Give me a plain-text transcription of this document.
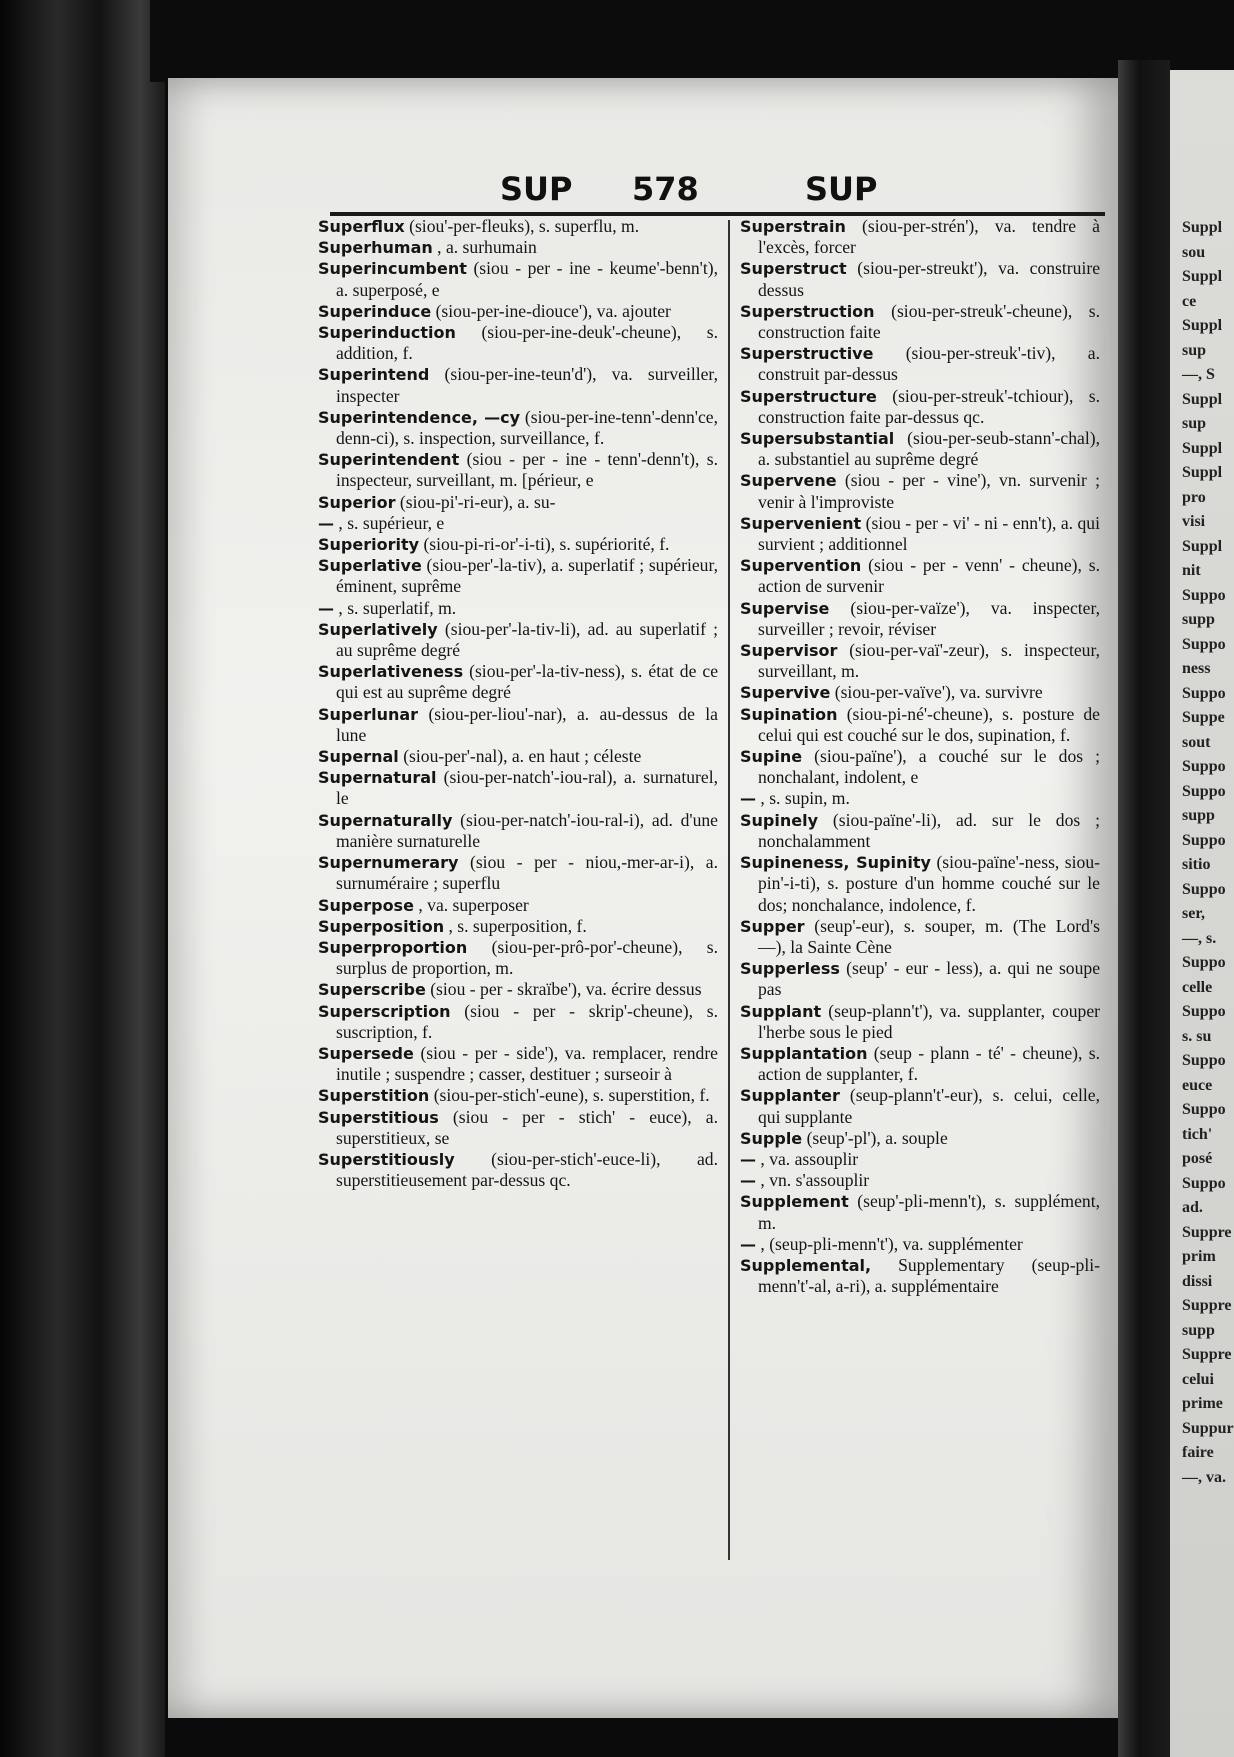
Suppl
sou
Suppl
ce
Suppl
sup
—, S
Suppl
sup
Suppl
Suppl
pro
visi
Suppl
nit
Suppo
supp
Suppo
ness
Suppo
Suppe
sout
Suppo
Suppo
supp
Suppo
sitio
Suppo
ser,
—, s.
Suppo
celle
Suppo
s. su
Suppo
euce
Suppo
tich'
posé
Suppo
ad.
Suppre
prim
dissi
Suppre
supp
Suppre
celui
prime
Suppur
faire
—, va.
SUP 578	SUP
Superflux (siou'-per-fleuks), s. superflu, m.
Superhuman , a. surhumain
Superincumbent (siou - per - ine - keume'-benn't), a. superposé, e
Superinduce (siou-per-ine-diouce'), va. ajouter
Superinduction (siou-per-ine-deuk'-cheune), s. addition, f.
Superintend (siou-per-ine-teun'd'), va. surveiller, inspecter
Superintendence, —cy (siou-per-ine-tenn'-denn'ce, denn-ci), s. inspection, surveillance, f.
Superintendent (siou - per - ine - tenn'-denn't), s. inspecteur, surveillant, m. [périeur, e
Superior (siou-pi'-ri-eur), a. su-
— , s. supérieur, e
Superiority (siou-pi-ri-or'-i-ti), s. supériorité, f.
Superlative (siou-per'-la-tiv), a. superlatif ; supérieur, éminent, suprême
— , s. superlatif, m.
Superlatively (siou-per'-la-tiv-li), ad. au superlatif ; au suprême degré
Superlativeness (siou-per'-la-tiv-ness), s. état de ce qui est au suprême degré
Superlunar (siou-per-liou'-nar), a. au-dessus de la lune
Supernal (siou-per'-nal), a. en haut ; céleste
Supernatural (siou-per-natch'-iou-ral), a. surnaturel, le
Supernaturally (siou-per-natch'-iou-ral-i), ad. d'une manière surnaturelle
Supernumerary (siou - per - niou,-mer-ar-i), a. surnuméraire ; superflu
Superpose , va. superposer
Superposition , s. superposition, f.
Superproportion (siou-per-prô-por'-cheune), s. surplus de proportion, m.
Superscribe (siou - per - skraïbe'), va. écrire dessus
Superscription (siou - per - skrip'-cheune), s. suscription, f.
Supersede (siou - per - side'), va. remplacer, rendre inutile ; suspendre ; casser, destituer ; surseoir à
Superstition (siou-per-stich'-eune), s. superstition, f.
Superstitious (siou - per - stich' - euce), a. superstitieux, se
Superstitiously (siou-per-stich'-euce-li), ad. superstitieusement par-dessus qc.
Superstrain (siou-per-strén'), va. tendre à l'excès, forcer
Superstruct (siou-per-streukt'), va. construire dessus
Superstruction (siou-per-streuk'-cheune), s. construction faite
Superstructive (siou-per-streuk'-tiv), a. construit par-dessus
Superstructure (siou-per-streuk'-tchiour), s. construction faite par-dessus qc.
Supersubstantial (siou-per-seub-stann'-chal), a. substantiel au suprême degré
Supervene (siou - per - vine'), vn. survenir ; venir à l'improviste
Supervenient (siou - per - vi' - ni - enn't), a. qui survient ; additionnel
Supervention (siou - per - venn' - cheune), s. action de survenir
Supervise (siou-per-vaïze'), va. inspecter, surveiller ; revoir, réviser
Supervisor (siou-per-vaï'-zeur), s. inspecteur, surveillant, m.
Supervive (siou-per-vaïve'), va. survivre
Supination (siou-pi-né'-cheune), s. posture de celui qui est couché sur le dos, supination, f.
Supine (siou-païne'), a couché sur le dos ; nonchalant, indolent, e
— , s. supin, m.
Supinely (siou-païne'-li), ad. sur le dos ; nonchalamment
Supineness, Supinity (siou-païne'-ness, siou-pin'-i-ti), s. posture d'un homme couché sur le dos; nonchalance, indolence, f.
Supper (seup'-eur), s. souper, m. (The Lord's —), la Sainte Cène
Supperless (seup' - eur - less), a. qui ne soupe pas
Supplant (seup-plann't'), va. supplanter, couper l'herbe sous le pied
Supplantation (seup - plann - té' - cheune), s. action de supplanter, f.
Supplanter (seup-plann't'-eur), s. celui, celle, qui supplante
Supple (seup'-pl'), a. souple
— , va. assouplir
— , vn. s'assouplir
Supplement (seup'-pli-menn't), s. supplément, m.
— , (seup-pli-menn't'), va. supplémenter
Supplemental, Supplementary (seup-pli-menn't'-al, a-ri), a. supplémentaire
